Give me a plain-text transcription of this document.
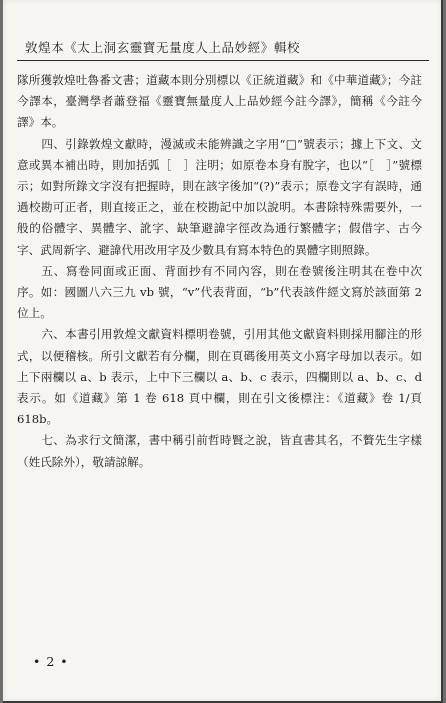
敦煌本《太上洞玄靈寶无量度人上品妙經》輯校

隊所獲敦煌吐魯番文書；道藏本則分別標以《正統道藏》和《中華道藏》；今註今譯本，臺灣學者蕭登福《靈寶無量度人上品妙經今註今譯》，簡稱《今註今譯》本。

四、引錄敦煌文獻時，漫滅或未能辨識之字用“□”號表示；據上下文、文意或異本補出時，則加括弧［　］注明；如原卷本身有脫字，也以“［　］”號標示；如對所錄文字沒有把握時，則在該字後加“(?)”表示；原卷文字有誤時，通過校勘可正者，則直接正之，並在校勘記中加以說明。本書除特殊需要外，一般的俗體字、異體字、訛字、缺筆避諱字徑改為通行繁體字；假借字、古今字、武周新字、避諱代用改用字及少數具有寫本特色的異體字則照錄。

五、寫卷同面或正面、背面抄有不同內容，則在卷號後注明其在卷中次序。如：國圖八六三九 vb 號，“v”代表背面，“b”代表該件經文寫於該面第 2 位上。

六、本書引用敦煌文獻資料標明卷號，引用其他文獻資料則採用腳注的形式，以便稽核。所引文獻若有分欄，則在頁碼後用英文小寫字母加以表示。如上下兩欄以 a、b 表示，上中下三欄以 a、b、c 表示，四欄則以 a、b、c、d 表示。如《道藏》第 1 卷 618 頁中欄，則在引文後標注：《道藏》卷 1/頁 618b。

七、為求行文簡潔，書中稱引前哲時賢之說，皆直書其名，不贅先生字樣（姓氏除外），敬請諒解。

• 2 •
